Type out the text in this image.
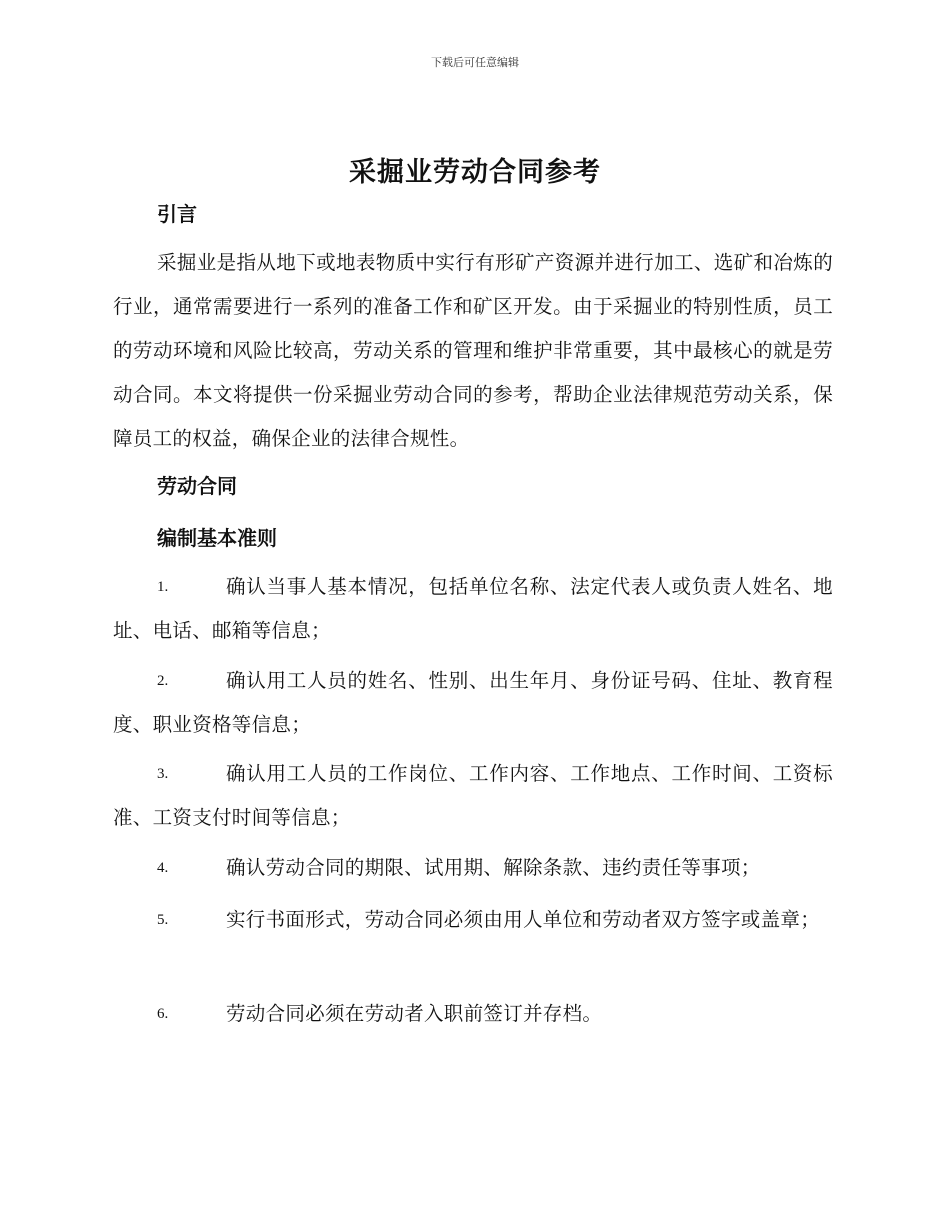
下载后可任意编辑
采掘业劳动合同参考
引言
采掘业是指从地下或地表物质中实行有形矿产资源并进行加工、选矿和冶炼的行业，通常需要进行一系列的准备工作和矿区开发。由于采掘业的特别性质，员工的劳动环境和风险比较高，劳动关系的管理和维护非常重要，其中最核心的就是劳动合同。本文将提供一份采掘业劳动合同的参考，帮助企业法律规范劳动关系，保障员工的权益，确保企业的法律合规性。
劳动合同
编制基本准则
1.	确认当事人基本情况，包括单位名称、法定代表人或负责人姓名、地址、电话、邮箱等信息；
2.	确认用工人员的姓名、性别、出生年月、身份证号码、住址、教育程度、职业资格等信息；
3.	确认用工人员的工作岗位、工作内容、工作地点、工作时间、工资标准、工资支付时间等信息；
4.	确认劳动合同的期限、试用期、解除条款、违约责任等事项；
5.	实行书面形式，劳动合同必须由用人单位和劳动者双方签字或盖章；
6.	劳动合同必须在劳动者入职前签订并存档。
